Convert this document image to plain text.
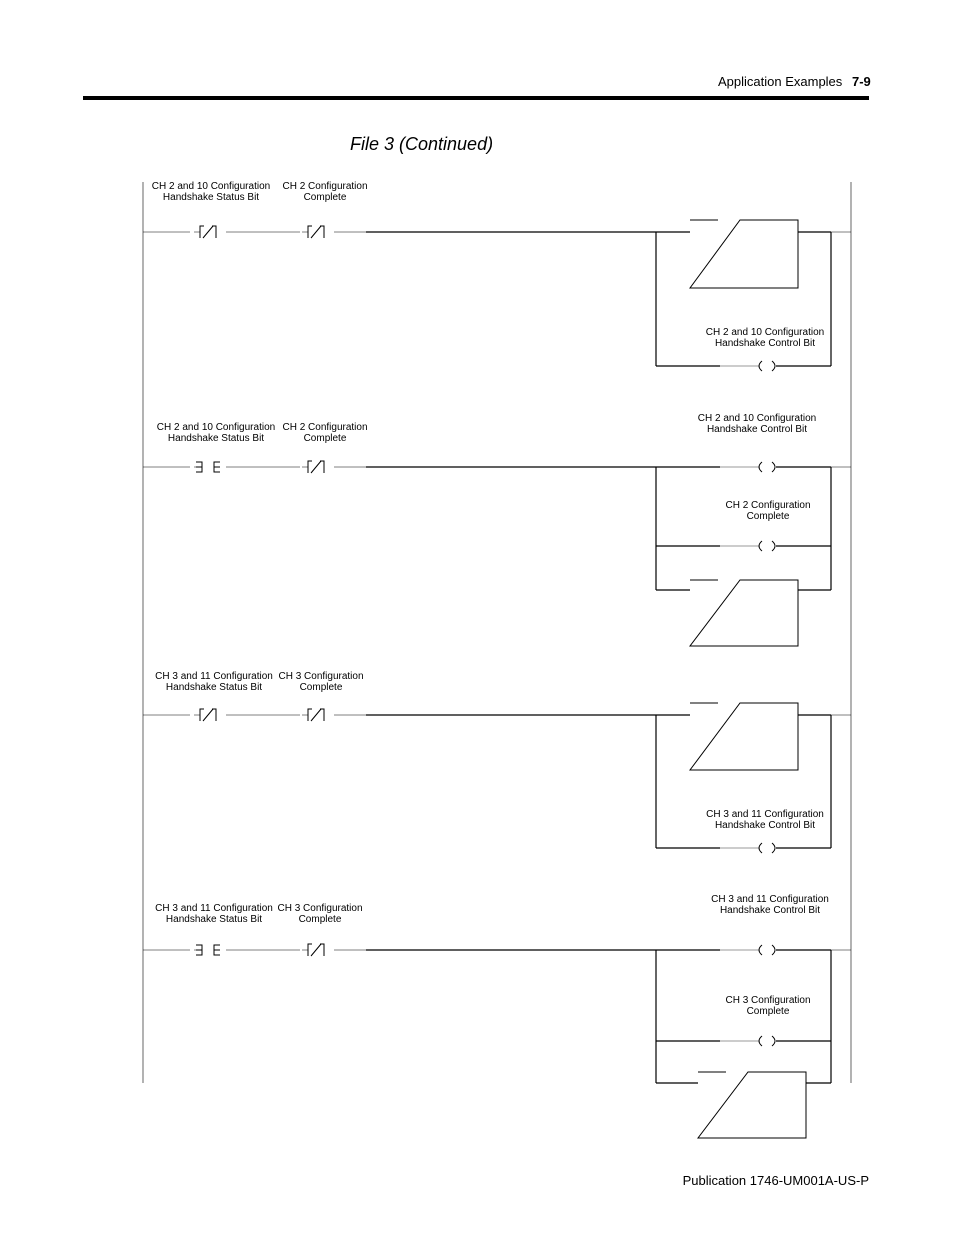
Application Examples 7-9
File 3 (Continued)
CH 2 and 10 Configuration
Handshake Status Bit
CH 2 Configuration
Complete
CH 2 and 10 Configuration
Handshake Control Bit
CH 2 and 10 Configuration
Handshake Status Bit
CH 2 Configuration
Complete
CH 2 and 10 Configuration
Handshake Control Bit
CH 2 Configuration
Complete
CH 3 and 11 Configuration
Handshake Status Bit
CH 3 Configuration
Complete
CH 3 and 11 Configuration
Handshake Control Bit
CH 3 and 11 Configuration
Handshake Status Bit
CH 3 Configuration
Complete
CH 3 and 11 Configuration
Handshake Control Bit
CH 3 Configuration
Complete
Publication 1746-UM001A-US-P
